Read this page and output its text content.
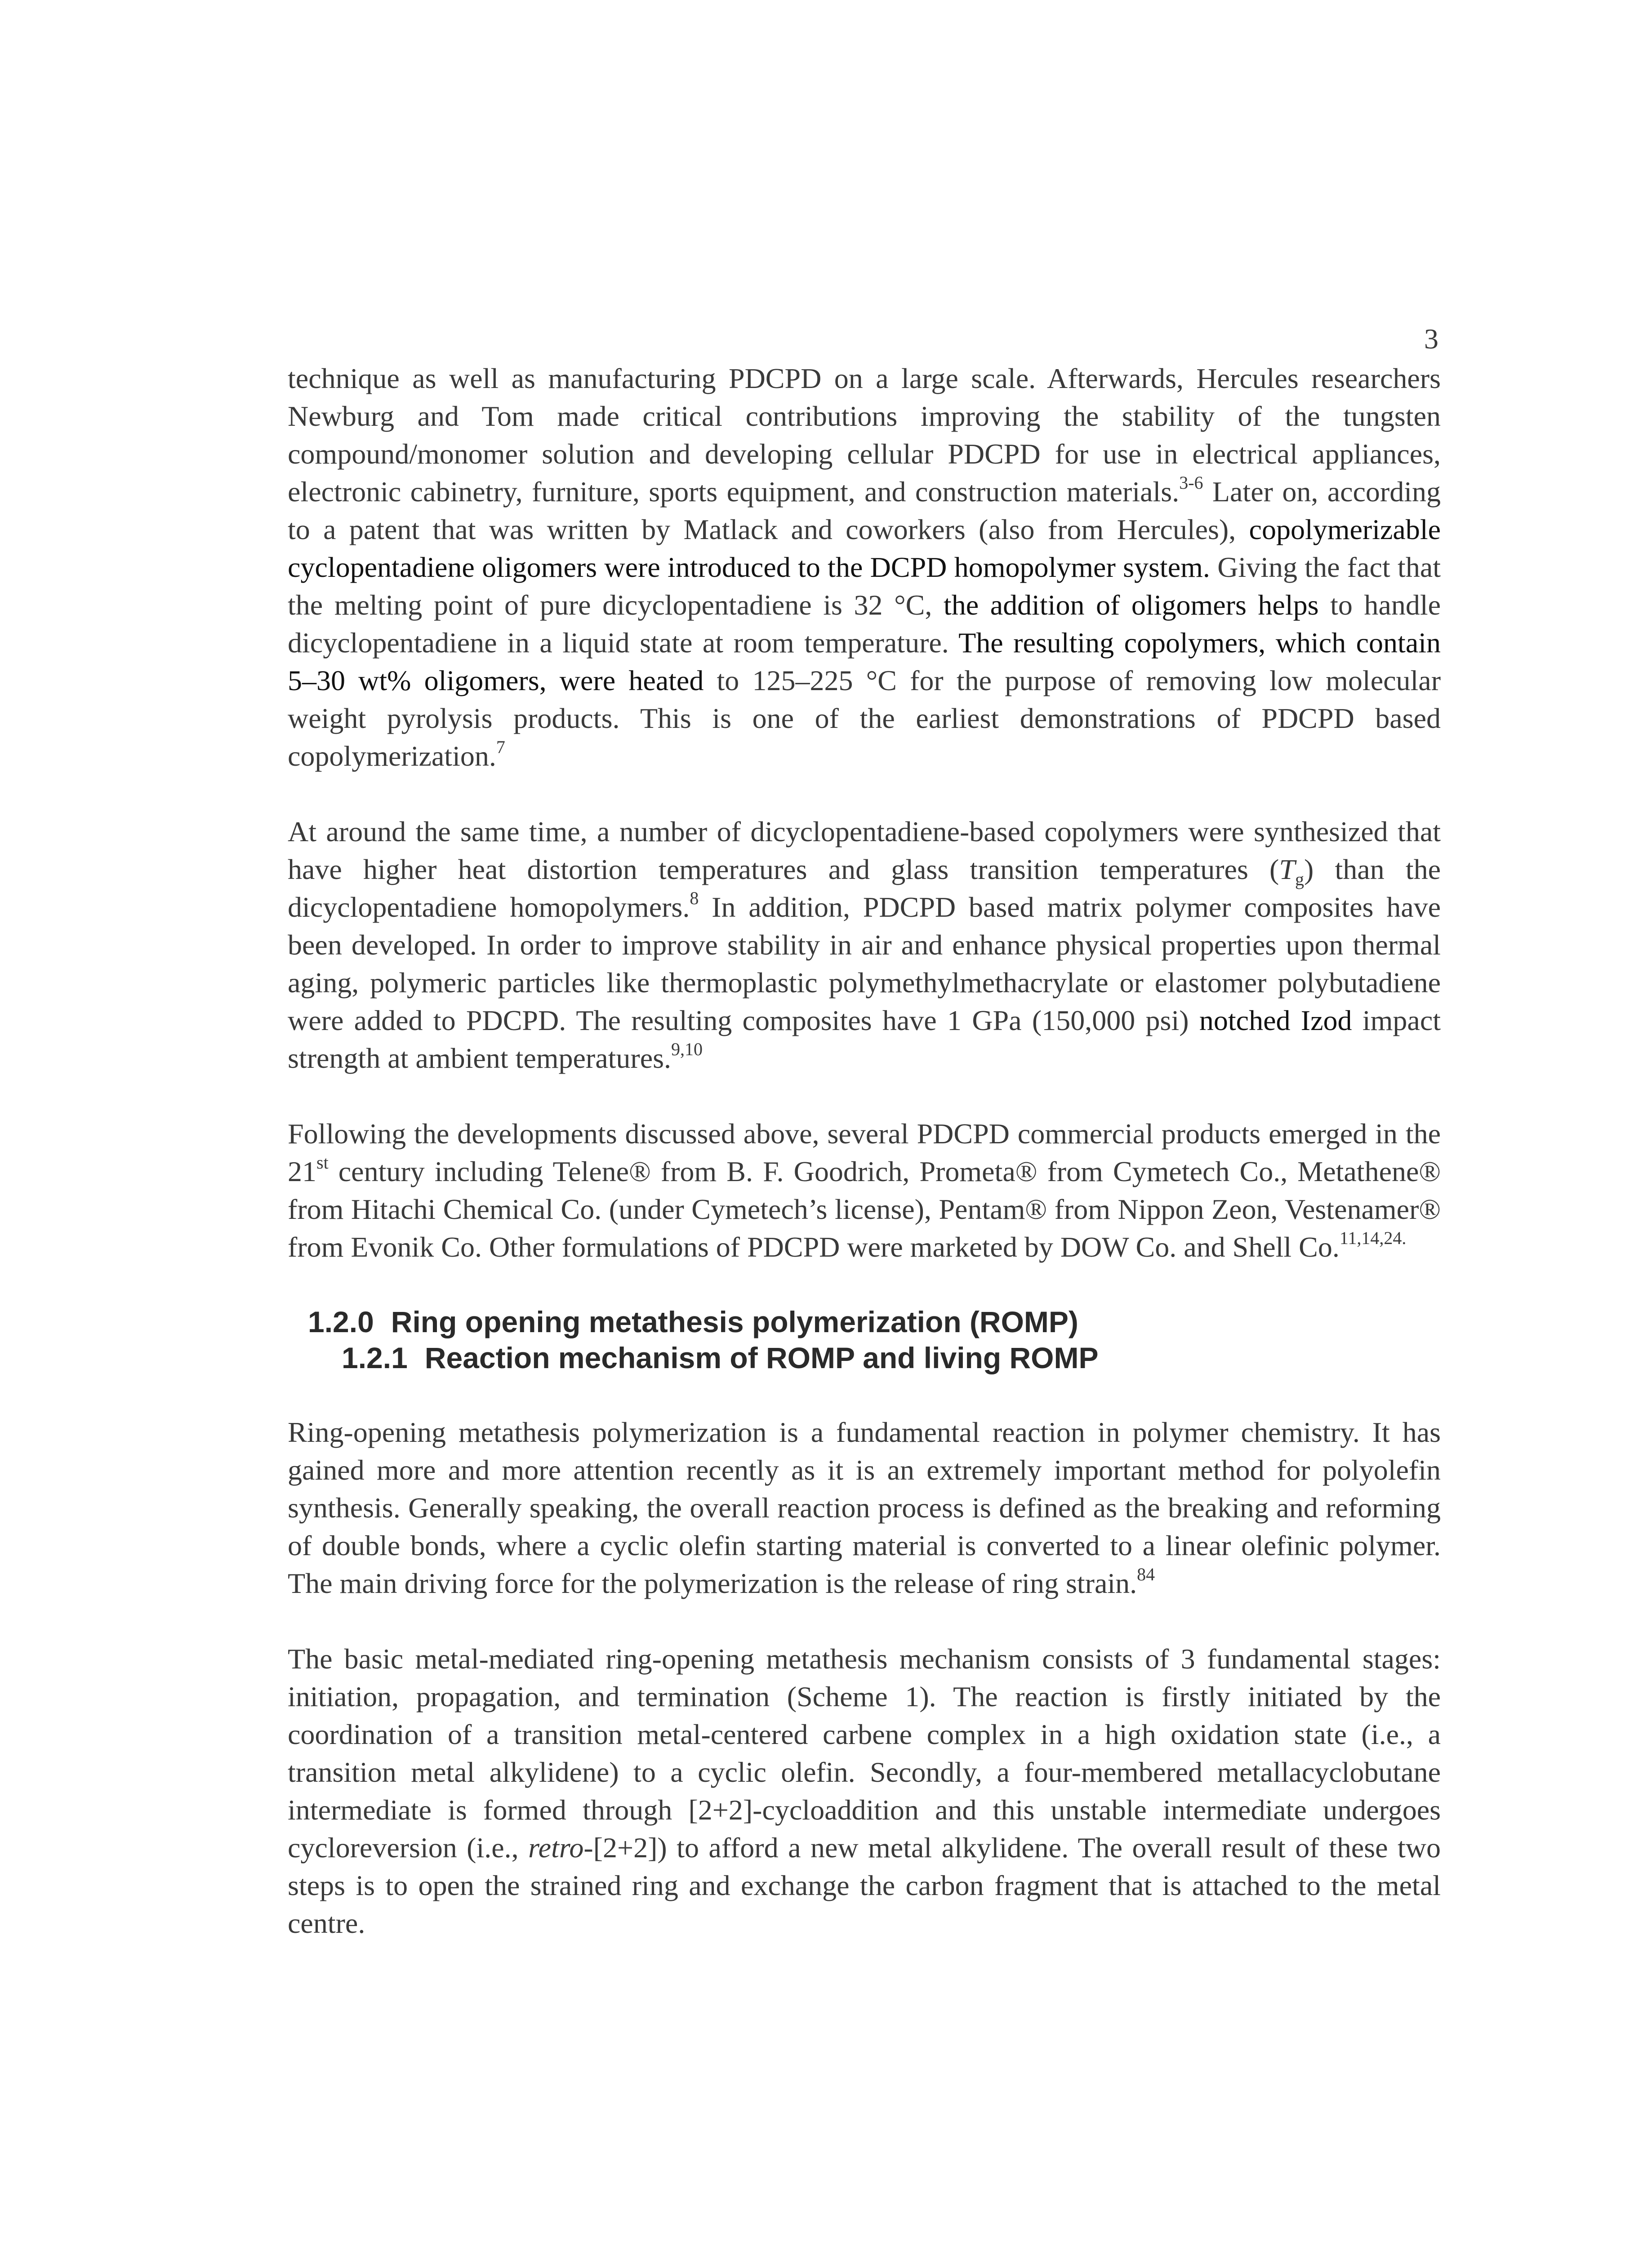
3

technique as well as manufacturing PDCPD on a large scale. Afterwards, Hercules researchers Newburg and Tom made critical contributions improving the stability of the tungsten compound/monomer solution and developing cellular PDCPD for use in electrical appliances, electronic cabinetry, furniture, sports equipment, and construction materials.$^{3-6}$ Later on, according to a patent that was written by Matlack and coworkers (also from Hercules), copolymerizable cyclopentadiene oligomers were introduced to the DCPD homopolymer system. Giving the fact that the melting point of pure dicyclopentadiene is 32 °C, the addition of oligomers helps to handle dicyclopentadiene in a liquid state at room temperature. The resulting copolymers, which contain 5–30 wt% oligomers, were heated to 125–225 °C for the purpose of removing low molecular weight pyrolysis products. This is one of the earliest demonstrations of PDCPD based copolymerization.$^7$

At around the same time, a number of dicyclopentadiene-based copolymers were synthesized that have higher heat distortion temperatures and glass transition temperatures $(T_g)$ than the dicyclopentadiene homopolymers.$^8$ In addition, PDCPD based matrix polymer composites have been developed. In order to improve stability in air and enhance physical properties upon thermal aging, polymeric particles like thermoplastic polymethylmethacrylate or elastomer polybutadiene were added to PDCPD. The resulting composites have 1 GPa (150,000 psi) notched Izod impact strength at ambient temperatures.$^{9,10}$

Following the developments discussed above, several PDCPD commercial products emerged in the 21st century including Telene® from B. F. Goodrich, Prometa® from Cymetech Co., Metathene® from Hitachi Chemical Co. (under Cymetech’s license), Pentam® from Nippon Zeon, Vestenamer® from Evonik Co. Other formulations of PDCPD were marketed by DOW Co. and Shell Co.$^{11,14,24.}$

1.2.0 Ring opening metathesis polymerization (ROMP)
1.2.1 Reaction mechanism of ROMP and living ROMP

Ring-opening metathesis polymerization is a fundamental reaction in polymer chemistry. It has gained more and more attention recently as it is an extremely important method for polyolefin synthesis. Generally speaking, the overall reaction process is defined as the breaking and reforming of double bonds, where a cyclic olefin starting material is converted to a linear olefinic polymer. The main driving force for the polymerization is the release of ring strain.$^{84}$

The basic metal-mediated ring-opening metathesis mechanism consists of 3 fundamental stages: initiation, propagation, and termination (Scheme 1). The reaction is firstly initiated by the coordination of a transition metal-centered carbene complex in a high oxidation state (i.e., a transition metal alkylidene) to a cyclic olefin. Secondly, a four-membered metallacyclobutane intermediate is formed through [2+2]-cycloaddition and this unstable intermediate undergoes cycloreversion (i.e., retro-[2+2]) to afford a new metal alkylidene. The overall result of these two steps is to open the strained ring and exchange the carbon fragment that is attached to the metal centre.
